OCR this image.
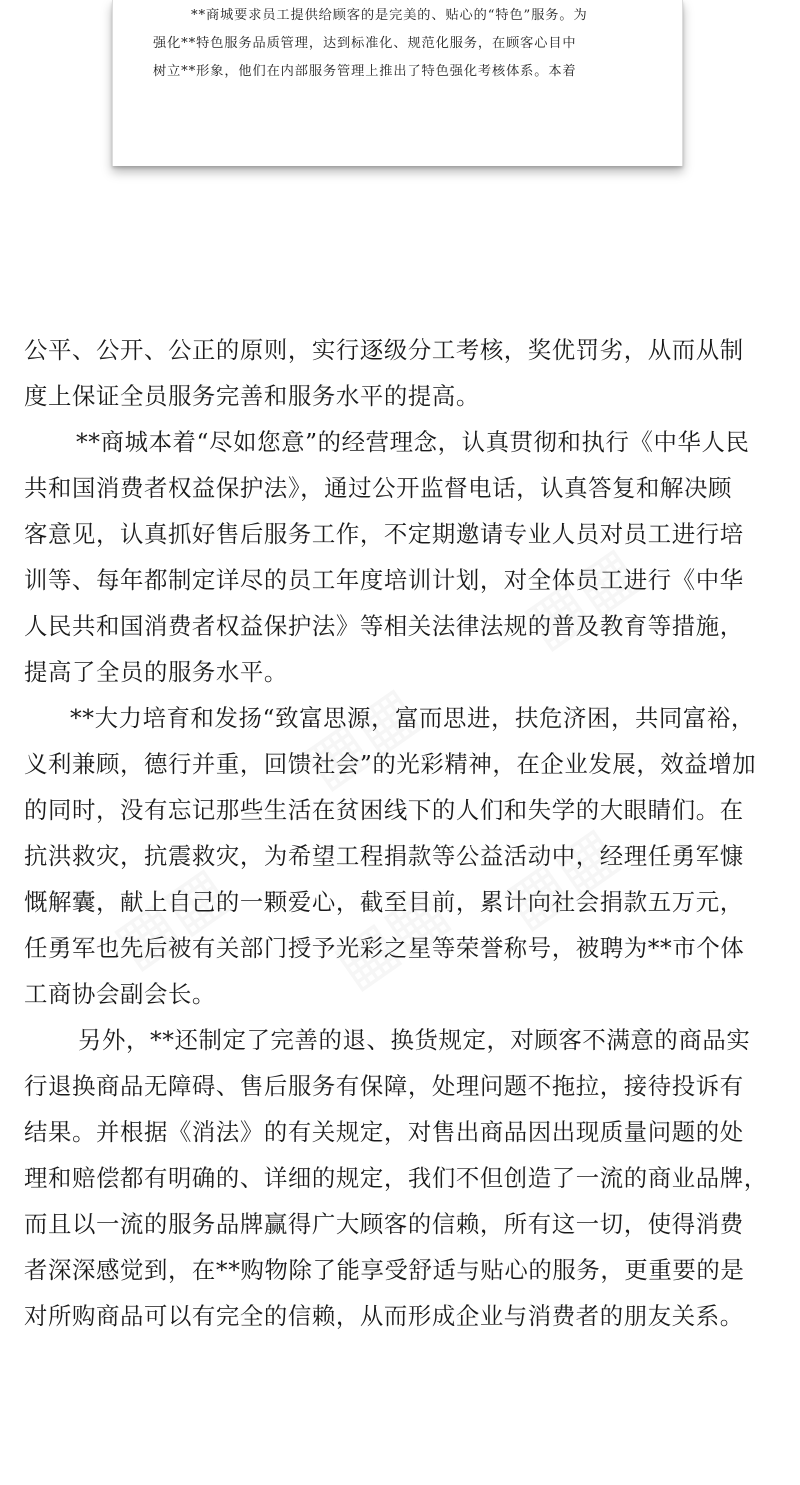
**商城要求员工提供给顾客的是完美的、贴心的“特色”服务。为
强化**特色服务品质管理，达到标准化、规范化服务，在顾客心目中
树立**形象，他们在内部服务管理上推出了特色强化考核体系。本着
公平、公开、公正的原则，实行逐级分工考核，奖优罚劣，从而从制
度上保证全员服务完善和服务水平的提高。
**商城本着“尽如您意”的经营理念，认真贯彻和执行《中华人民
共和国消费者权益保护法》，通过公开监督电话，认真答复和解决顾
客意见，认真抓好售后服务工作，不定期邀请专业人员对员工进行培
训等、每年都制定详尽的员工年度培训计划，对全体员工进行《中华
人民共和国消费者权益保护法》等相关法律法规的普及教育等措施，
提高了全员的服务水平。
**大力培育和发扬“致富思源，富而思进，扶危济困，共同富裕，
义利兼顾，德行并重，回馈社会”的光彩精神，在企业发展，效益增加
的同时，没有忘记那些生活在贫困线下的人们和失学的大眼睛们。在
抗洪救灾，抗震救灾，为希望工程捐款等公益活动中，经理任勇军慷
慨解囊，献上自己的一颗爱心，截至目前，累计向社会捐款五万元，
任勇军也先后被有关部门授予光彩之星等荣誉称号，被聘为**市个体
工商协会副会长。
另外，**还制定了完善的退、换货规定，对顾客不满意的商品实
行退换商品无障碍、售后服务有保障，处理问题不拖拉，接待投诉有
结果。并根据《消法》的有关规定，对售出商品因出现质量问题的处
理和赔偿都有明确的、详细的规定，我们不但创造了一流的商业品牌，
而且以一流的服务品牌赢得广大顾客的信赖，所有这一切，使得消费
者深深感觉到，在**购物除了能享受舒适与贴心的服务，更重要的是
对所购商品可以有完全的信赖，从而形成企业与消费者的朋友关系。
